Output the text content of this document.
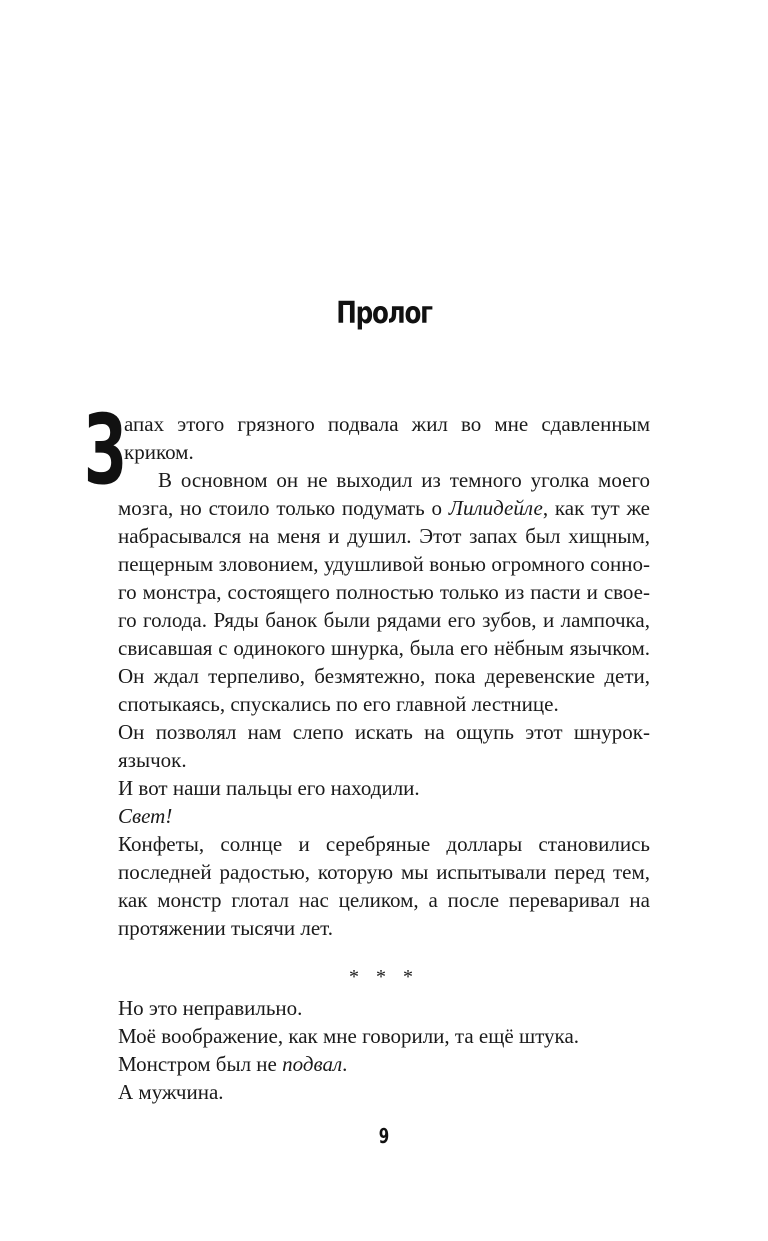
Пролог
З
апах этого грязного подвала жил во мне сдавленным
криком.
В основном он не выходил из темного уголка моего
мозга, но стоило только подумать о Лилидейле, как тут же
набрасывался на меня и душил. Этот запах был хищным,
пещерным зловонием, удушливой вонью огромного сонно-
го монстра, состоящего полностью только из пасти и свое-
го голода. Ряды банок были рядами его зубов, и лампочка,
свисавшая с одинокого шнурка, была его нёбным язычком.
Он ждал терпеливо, безмятежно, пока деревенские дети,
спотыкаясь, спускались по его главной лестнице.
Он позволял нам слепо искать на ощупь этот шнурок-
язычок.
И вот наши пальцы его находили.
Свет!
Конфеты, солнце и серебряные доллары становились
последней радостью, которую мы испытывали перед тем,
как монстр глотал нас целиком, а после переваривал на
протяжении тысячи лет.
* * *
Но это неправильно.
Моё воображение, как мне говорили, та ещё штука.
Монстром был не подвал.
А мужчина.
9
